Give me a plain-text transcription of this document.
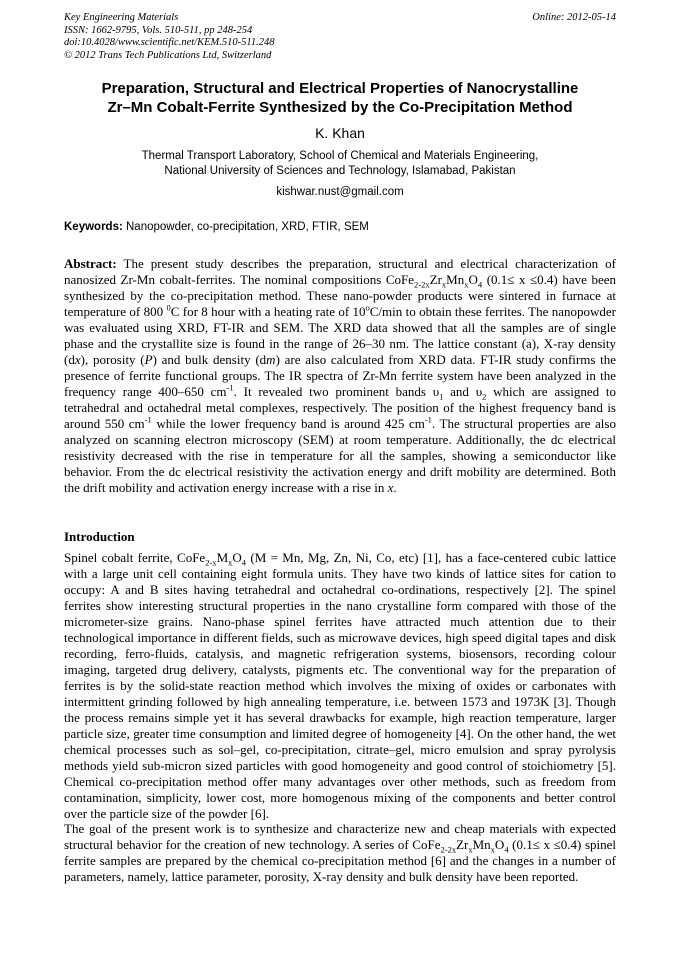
Key Engineering Materials
ISSN: 1662-9795, Vols. 510-511, pp 248-254
doi:10.4028/www.scientific.net/KEM.510-511.248
© 2012 Trans Tech Publications Ltd, Switzerland
Online: 2012-05-14
Preparation, Structural and Electrical Properties of Nanocrystalline
Zr–Mn Cobalt-Ferrite Synthesized by the Co-Precipitation Method
K. Khan
Thermal Transport Laboratory, School of Chemical and Materials Engineering,
National University of Sciences and Technology, Islamabad, Pakistan
kishwar.nust@gmail.com
Keywords: Nanopowder, co-precipitation, XRD, FTIR, SEM

Abstract: The present study describes the preparation, structural and electrical characterization of nanosized Zr-Mn cobalt-ferrites. The nominal compositions $CoFe_{2-2x}Zr_xMn_xO_4$ (0.1≤ x ≤0.4) have been synthesized by the co-precipitation method. These nano-powder products were sintered in furnace at temperature of 800 $^0$C for 8 hour with a heating rate of 10$^o$C/min to obtain these ferrites. The nanopowder was evaluated using XRD, FT-IR and SEM. The XRD data showed that all the samples are of single phase and the crystallite size is found in the range of 26–30 nm. The lattice constant (a), X-ray density (dx), porosity (P) and bulk density (dm) are also calculated from XRD data. FT-IR study confirms the presence of ferrite functional groups. The IR spectra of Zr-Mn ferrite system have been analyzed in the frequency range 400–650 $cm^{-1}$. It revealed two prominent bands $\upsilon_1$ and $\upsilon_2$ which are assigned to tetrahedral and octahedral metal complexes, respectively. The position of the highest frequency band is around 550 $cm^{-1}$ while the lower frequency band is around 425 $cm^{-1}$. The structural properties are also analyzed on scanning electron microscopy (SEM) at room temperature. Additionally, the dc electrical resistivity decreased with the rise in temperature for all the samples, showing a semiconductor like behavior. From the dc electrical resistivity the activation energy and drift mobility are determined. Both the drift mobility and activation energy increase with a rise in x.

Introduction

Spinel cobalt ferrite, $CoFe_{2-x}M_xO_4$ (M = Mn, Mg, Zn, Ni, Co, etc) [1], has a face-centered cubic lattice with a large unit cell containing eight formula units. They have two kinds of lattice sites for cation to occupy: A and B sites having tetrahedral and octahedral co-ordinations, respectively [2]. The spinel ferrites show interesting structural properties in the nano crystalline form compared with those of the micrometer-size grains. Nano-phase spinel ferrites have attracted much attention due to their technological importance in different fields, such as microwave devices, high speed digital tapes and disk recording, ferro-fluids, catalysis, and magnetic refrigeration systems, biosensors, recording colour imaging, targeted drug delivery, catalysts, pigments etc. The conventional way for the preparation of ferrites is by the solid-state reaction method which involves the mixing of oxides or carbonates with intermittent grinding followed by high annealing temperature, i.e. between 1573 and 1973K [3]. Though the process remains simple yet it has several drawbacks for example, high reaction temperature, larger particle size, greater time consumption and limited degree of homogeneity [4]. On the other hand, the wet chemical processes such as sol–gel, co-precipitation, citrate–gel, micro emulsion and spray pyrolysis methods yield sub-micron sized particles with good homogeneity and good control of stoichiometry [5]. Chemical co-precipitation method offer many advantages over other methods, such as freedom from contamination, simplicity, lower cost, more homogenous mixing of the components and better control over the particle size of the powder [6].

The goal of the present work is to synthesize and characterize new and cheap materials with expected structural behavior for the creation of new technology. A series of $CoFe_{2-2x}Zr_xMn_xO_4$ (0.1≤ x ≤0.4) spinel ferrite samples are prepared by the chemical co-precipitation method [6] and the changes in a number of parameters, namely, lattice parameter, porosity, X-ray density and bulk density have been reported.
